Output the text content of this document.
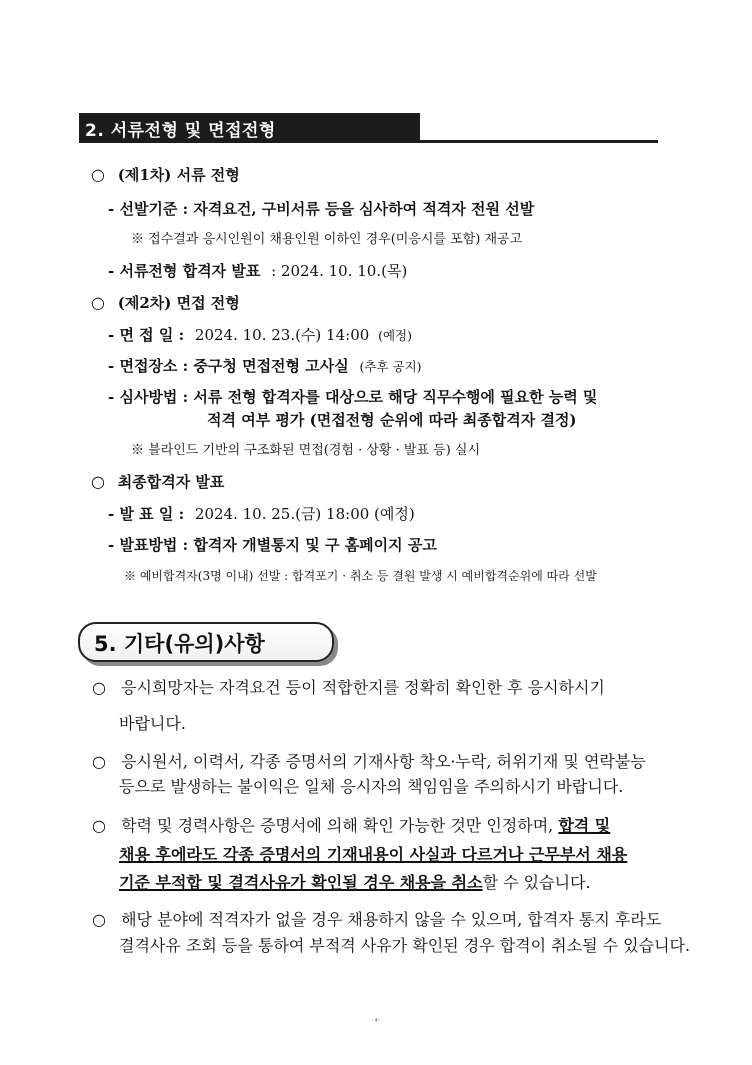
2. 서류전형 및 면접전형
○ (제1차) 서류 전형
- 선발기준 : 자격요건, 구비서류 등을 심사하여 적격자 전원 선발
※ 접수결과 응시인원이 채용인원 이하인 경우(미응시를 포함) 재공고
- 서류전형 합격자 발표 : 2024. 10. 10.(목)
○ (제2차) 면접 전형
- 면 접 일 : 2024. 10. 23.(수) 14:00 (예정)
- 면접장소 : 중구청 면접전형 고사실 (추후 공지)
- 심사방법 : 서류 전형 합격자를 대상으로 해당 직무수행에 필요한 능력 및
적격 여부 평가 (면접전형 순위에 따라 최종합격자 결정)
※ 블라인드 기반의 구조화된 면접(경험 · 상황 · 발표 등) 실시
○ 최종합격자 발표
- 발 표 일 : 2024. 10. 25.(금) 18:00 (예정)
- 발표방법 : 합격자 개별통지 및 구 홈페이지 공고
※ 예비합격자(3명 이내) 선발 : 합격포기 · 취소 등 결원 발생 시 예비합격순위에 따라 선발
5. 기타(유의)사항
○ 응시희망자는 자격요건 등이 적합한지를 정확히 확인한 후 응시하시기
바랍니다.
○ 응시원서, 이력서, 각종 증명서의 기재사항 착오·누락, 허위기재 및 연락불능
등으로 발생하는 불이익은 일체 응시자의 책임임을 주의하시기 바랍니다.
○ 학력 및 경력사항은 증명서에 의해 확인 가능한 것만 인정하며, 합격 및
채용 후에라도 각종 증명서의 기재내용이 사실과 다르거나 근무부서 채용
기준 부적합 및 결격사유가 확인될 경우 채용을 취소할 수 있습니다.
○ 해당 분야에 적격자가 없을 경우 채용하지 않을 수 있으며, 합격자 통지 후라도
결격사유 조회 등을 통하여 부적격 사유가 확인된 경우 합격이 취소될 수 있습니다.
- 4 -
